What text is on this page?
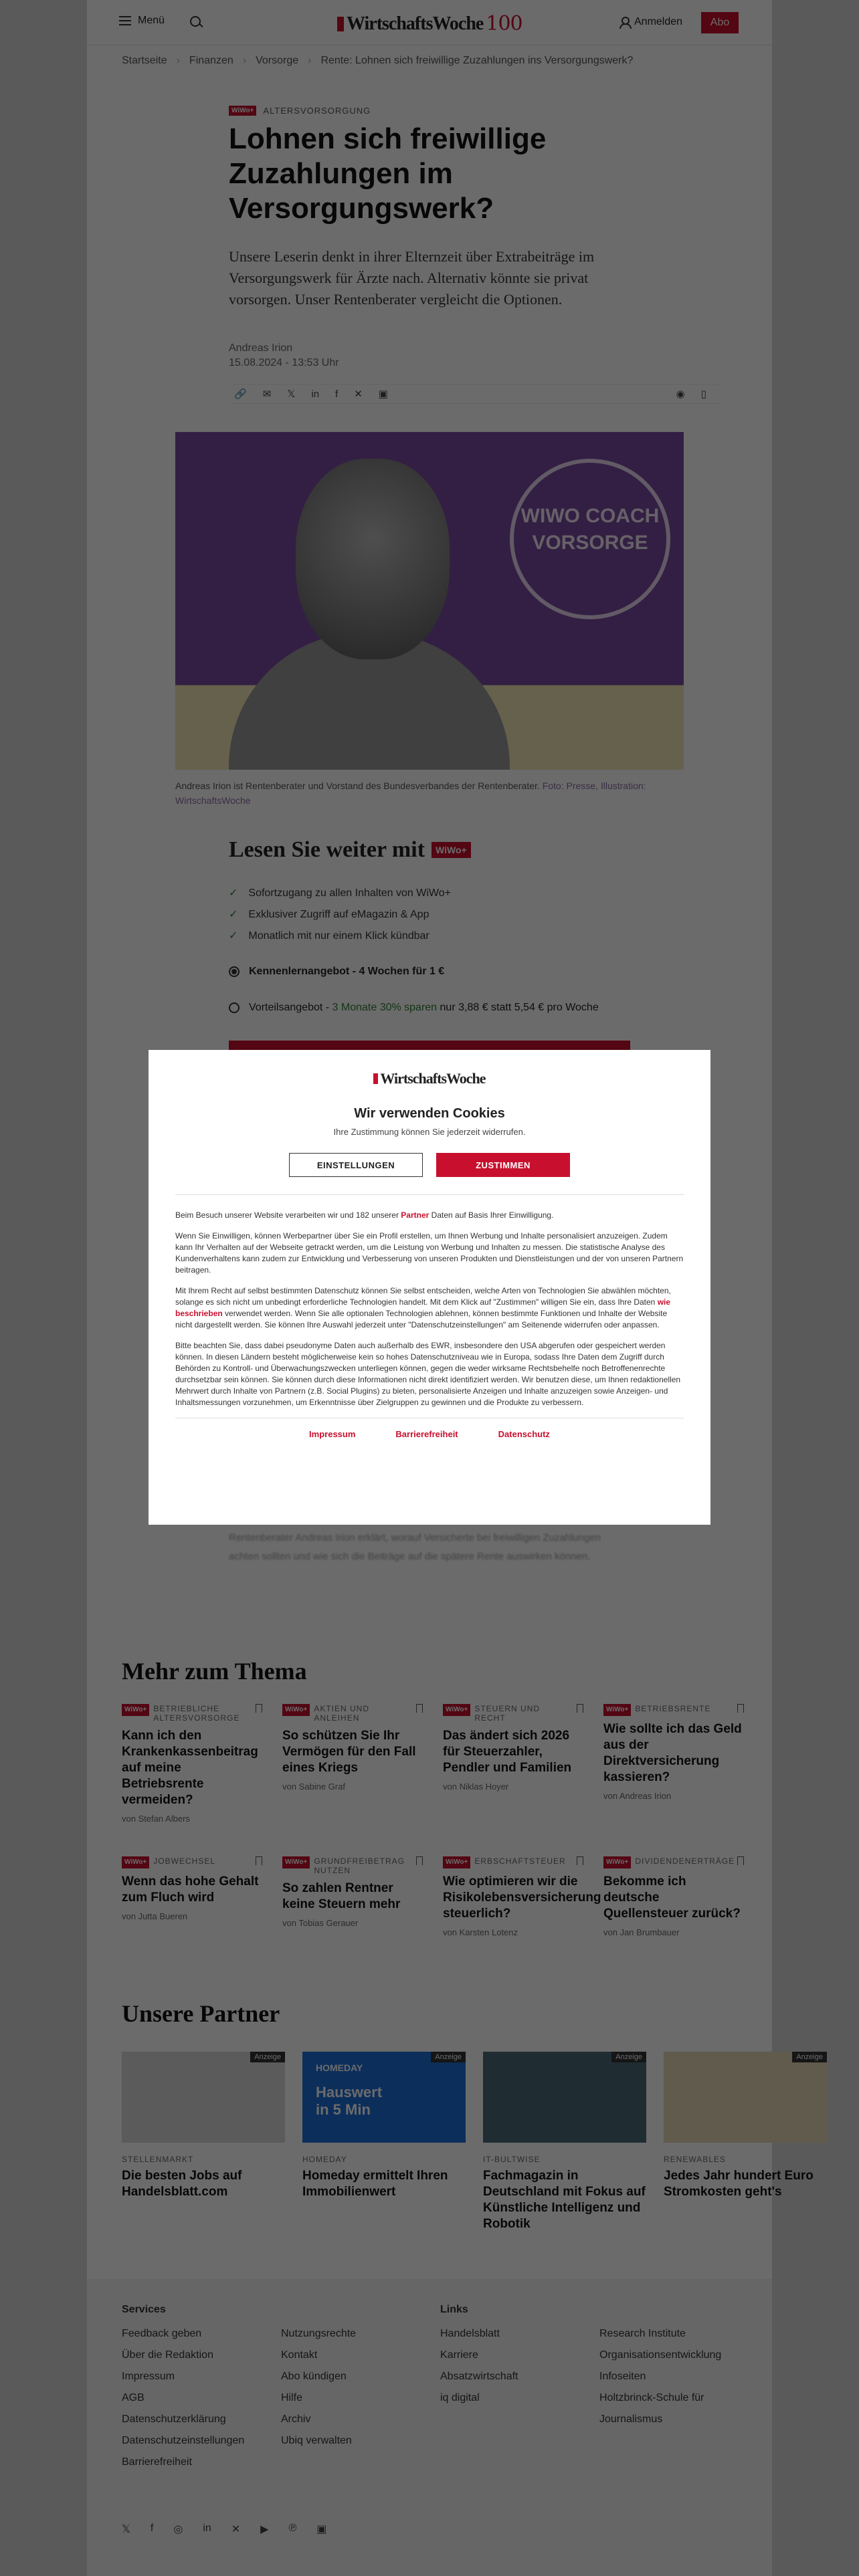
✓
✓
✓

WirtschaftsWoche
Wir verwenden Cookies
Ihre Zustimmung können Sie jederzeit widerrufen.
EINSTELLUNGEN	ZUSTIMMEN

Beim Besuch unserer Website verarbeiten wir und 182 unserer Partner Daten auf Basis Ihrer Einwilligung.

Wenn Sie Einwilligen, können Werbepartner über Sie ein Profil erstellen, um Ihnen Werbung und Inhalte personalisiert anzuzeigen. Zudem kann Ihr Verhalten auf der Webseite getrackt werden, um die Leistung von Werbung und Inhalten zu messen. Die statistische Analyse des Kundenverhaltens kann zudem zur Entwicklung und Verbesserung von unseren Produkten und Dienstleistungen und der von unseren Partnern beitragen.

Mit Ihrem Recht auf selbst bestimmten Datenschutz können Sie selbst entscheiden, welche Arten von Technologien Sie abwählen möchten, solange es sich nicht um unbedingt erforderliche Technologien handelt. Mit dem Klick auf "Zustimmen" willigen Sie ein, dass Ihre Daten wie beschrieben verwendet werden. Wenn Sie alle optionalen Technologien ablehnen, können bestimmte Funktionen und Inhalte der Website nicht dargestellt werden. Sie können Ihre Auswahl jederzeit unter "Datenschutzeinstellungen" am Seitenende widerrufen oder anpassen.

Bitte beachten Sie, dass dabei pseudonyme Daten auch außerhalb des EWR, insbesondere den USA abgerufen oder gespeichert werden können. In diesen Ländern besteht möglicherweise kein so hohes Datenschutzniveau wie in Europa, sodass Ihre Daten dem Zugriff durch Behörden zu Kontroll- und Überwachungszwecken unterliegen können, gegen die weder wirksame Rechtsbehelfe noch Betroffenenrechte durchsetzbar sein können. Sie können durch diese Informationen nicht direkt identifiziert werden. Wir benutzen diese, um Ihnen redaktionellen Mehrwert durch Inhalte von Partnern (z.B. Social Plugins) zu bieten, personalisierte Anzeigen und Inhalte anzuzeigen sowie Anzeigen- und Inhaltsmessungen vorzunehmen, um Erkenntnisse über Zielgruppen zu gewinnen und die Produkte zu verbessern.

Impressum	Barrierefreiheit	Datenschutz
